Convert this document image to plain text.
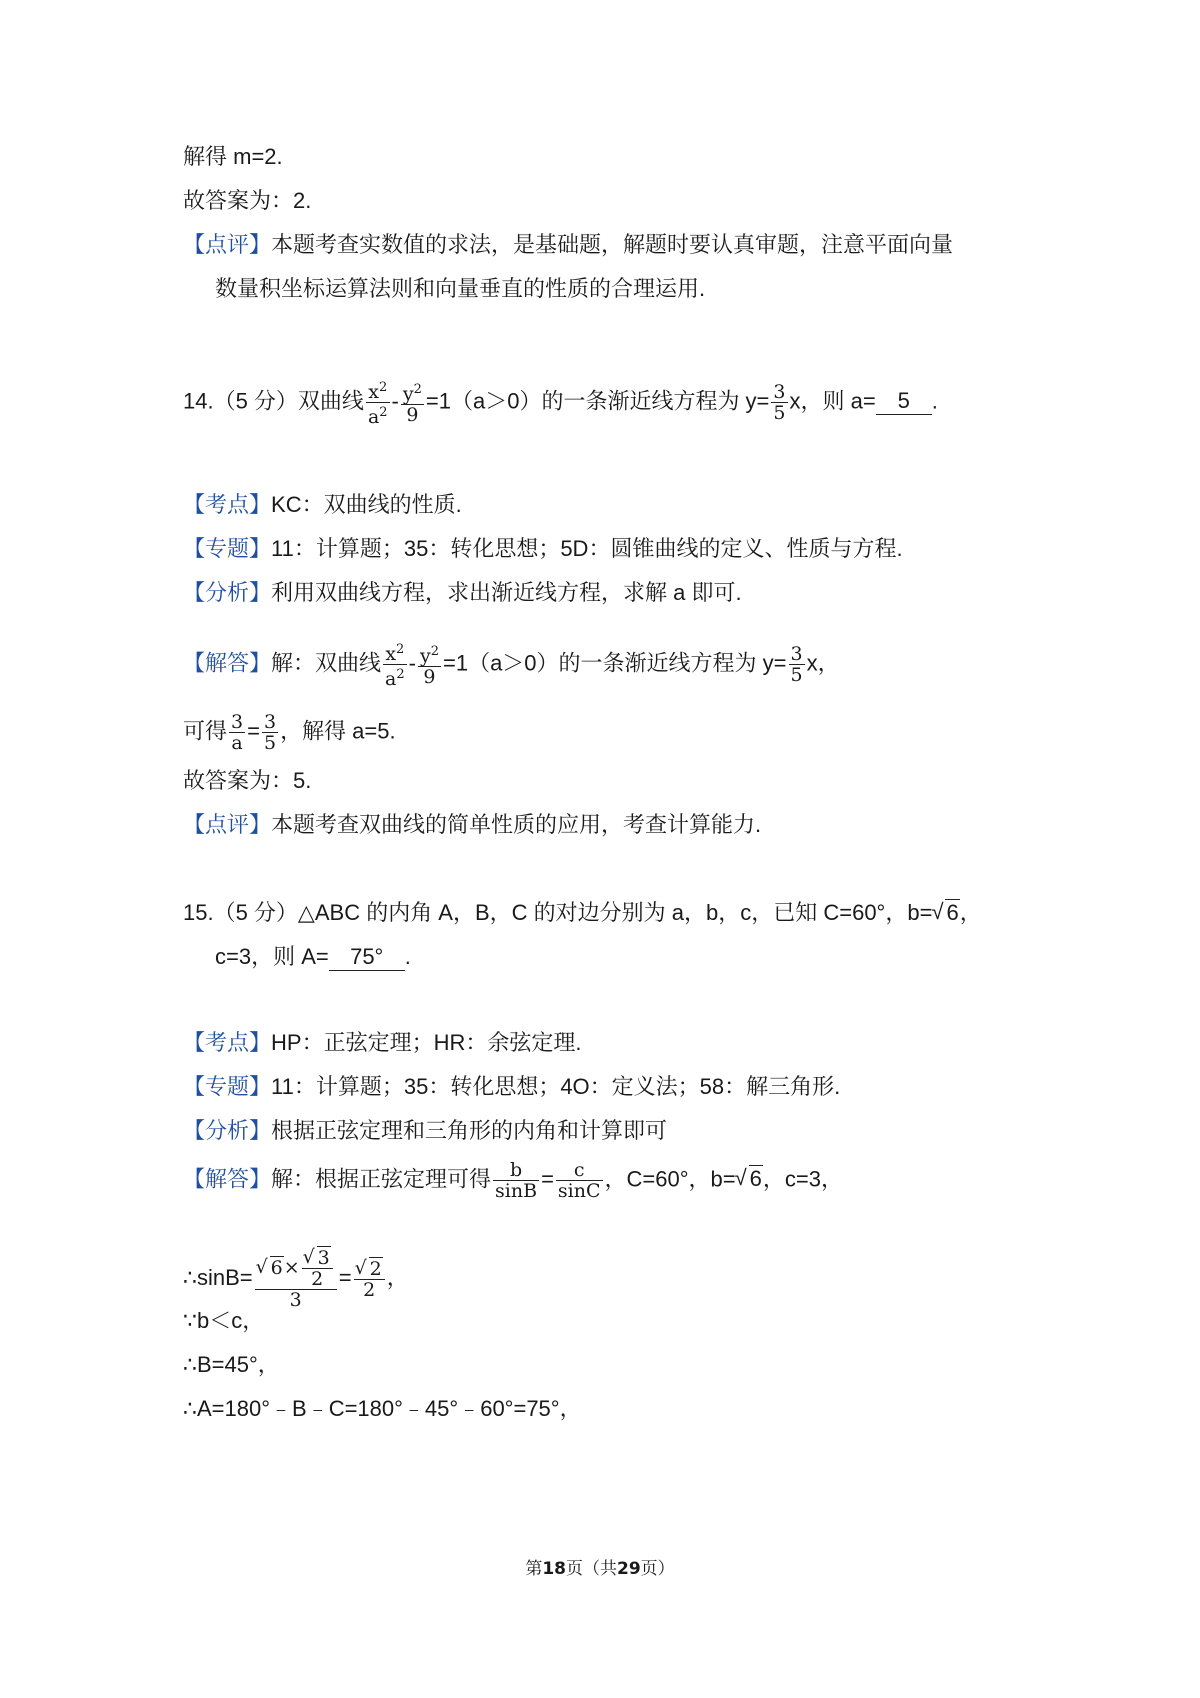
解得 m=2.
故答案为：2.
【点评】本题考查实数值的求法，是基础题，解题时要认真审题，注意平面向量
数量积坐标运算法则和向量垂直的性质的合理运用.
14.（5 分）双曲线 $\frac{x^2}{a^2} - \frac{y^2}{9} =1(a>0)$的一条渐近线方程为 $y= \frac{3}{5}$ x，则 a= 5 .
【考点】KC：双曲线的性质.
【专题】11：计算题；35：转化思想；5D：圆锥曲线的定义、性质与方程.
【分析】利用双曲线方程，求出渐近线方程，求解 a 即可.
【解答】解：双曲线 $\frac{x^2}{a^2} - \frac{y^2}{9} =1(a>0)$的一条渐近线方程为 $y= \frac{3}{5}$ x，
可得 $\frac{3}{a} = \frac{3}{5}$ ，解得 a=5.
故答案为：5.
【点评】本题考查双曲线的简单性质的应用，考查计算能力.
15.（5 分）△ABC 的内角 A，B，C 的对边分别为 a，b，c，已知 C=60°，b=√ 6，
c=3，则 A= 75° .
【考点】HP：正弦定理；HR：余弦定理.
【专题】11：计算题；35：转化思想；4O：定义法；58：解三角形.
【分析】根据正弦定理和三角形的内角和计算即可
【解答】解：根据正弦定理可得 $\frac{b}{\sin B} = \frac{c}{\sin C}$ ，C=60°，b=√ 6，c=3，
∴sinB=
√ 6×
√ $\frac{3}{2}$
3 =
√ $\frac{2}{2}$ ，
∵b＜c，
∴B=45°，
∴A=180°﹣B﹣C=180°﹣45°﹣60°=75°，
第18页（共29页）
